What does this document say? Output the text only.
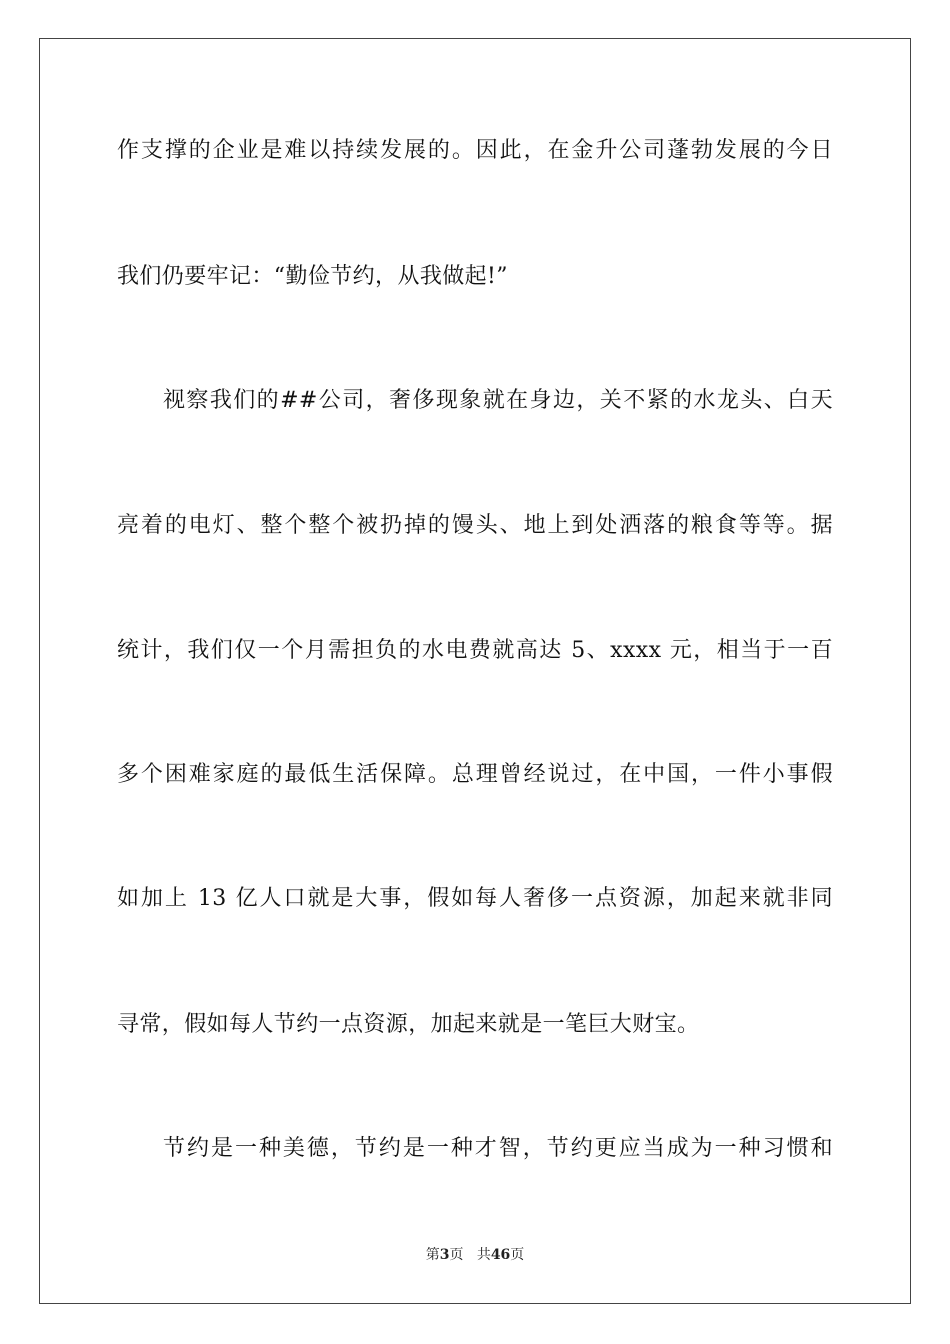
作支撑的企业是难以持续发展的。因此，在金升公司蓬勃发展的今日
我们仍要牢记：“勤俭节约，从我做起!”
视察我们的##公司，奢侈现象就在身边，关不紧的水龙头、白天
亮着的电灯、整个整个被扔掉的馒头、地上到处洒落的粮食等等。据
统计，我们仅一个月需担负的水电费就高达 5、xxxx 元，相当于一百
多个困难家庭的最低生活保障。总理曾经说过，在中国，一件小事假
如加上 13 亿人口就是大事，假如每人奢侈一点资源，加起来就非同
寻常，假如每人节约一点资源，加起来就是一笔巨大财宝。
节约是一种美德，节约是一种才智，节约更应当成为一种习惯和
第3页 共46页
